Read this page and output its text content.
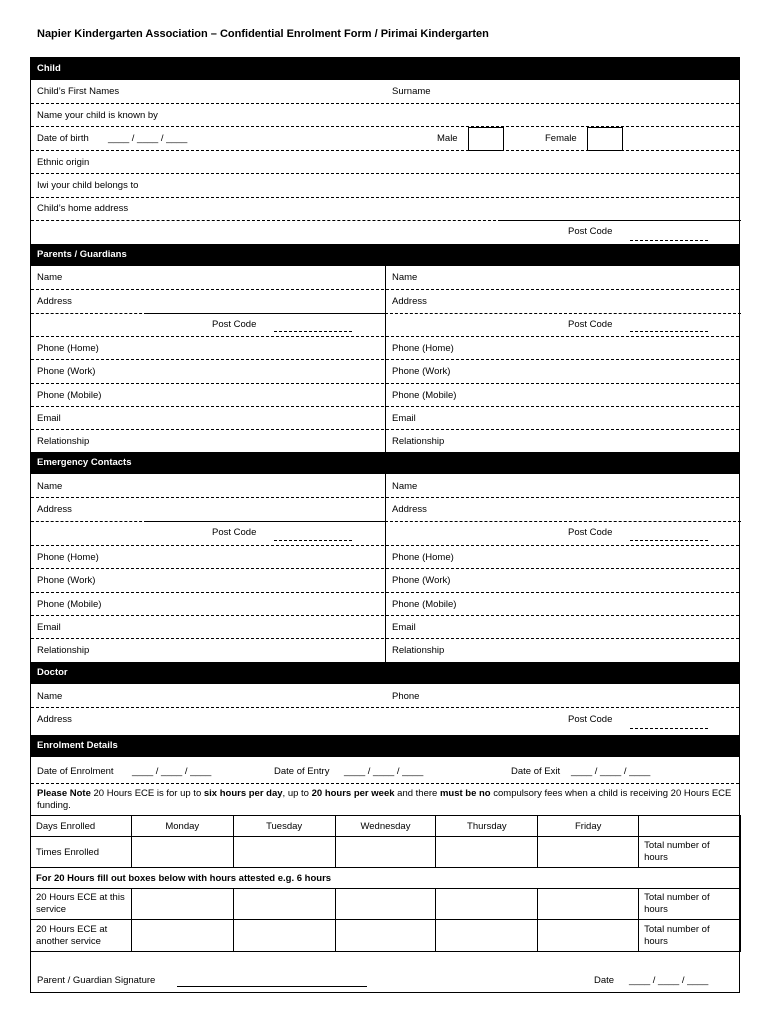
Napier Kindergarten Association – Confidential Enrolment Form / Pirimai Kindergarten
Child
Child’s First Names	Surname
Name your child is known by
Date of birth ____ / ____ / ____	Male	Female
Ethnic origin
Iwi your child belongs to
Child’s home address
Post Code
Parents / Guardians
Name	Name
Address	Address
Post Code	Post Code
Phone (Home)	Phone (Home)
Phone (Work)	Phone (Work)
Phone (Mobile)	Phone (Mobile)
Email	Email
Relationship	Relationship
Emergency Contacts
Name	Name
Address	Address
Post Code	Post Code
Phone (Home)	Phone (Home)
Phone (Work)	Phone (Work)
Phone (Mobile)	Phone (Mobile)
Email	Email
Relationship	Relationship
Doctor
Name	Phone
Address	Post Code
Enrolment Details
Date of Enrolment ____ / ____ / ____	Date of Entry ____ / ____ / ____	Date of Exit ____ / ____ / ____
Please Note 20 Hours ECE is for up to six hours per day, up to 20 hours per week and there must be no compulsory fees when a child is receiving 20 Hours ECE funding.
Days Enrolled	Monday	Tuesday	Wednesday	Thursday	Friday	
Times Enrolled						Total number of hours
For 20 Hours fill out boxes below with hours attested e.g. 6 hours						
20 Hours ECE at this service						Total number of hours
20 Hours ECE at another service						Total number of hours
Parent / Guardian Signature	Date ____ / ____ / ____
